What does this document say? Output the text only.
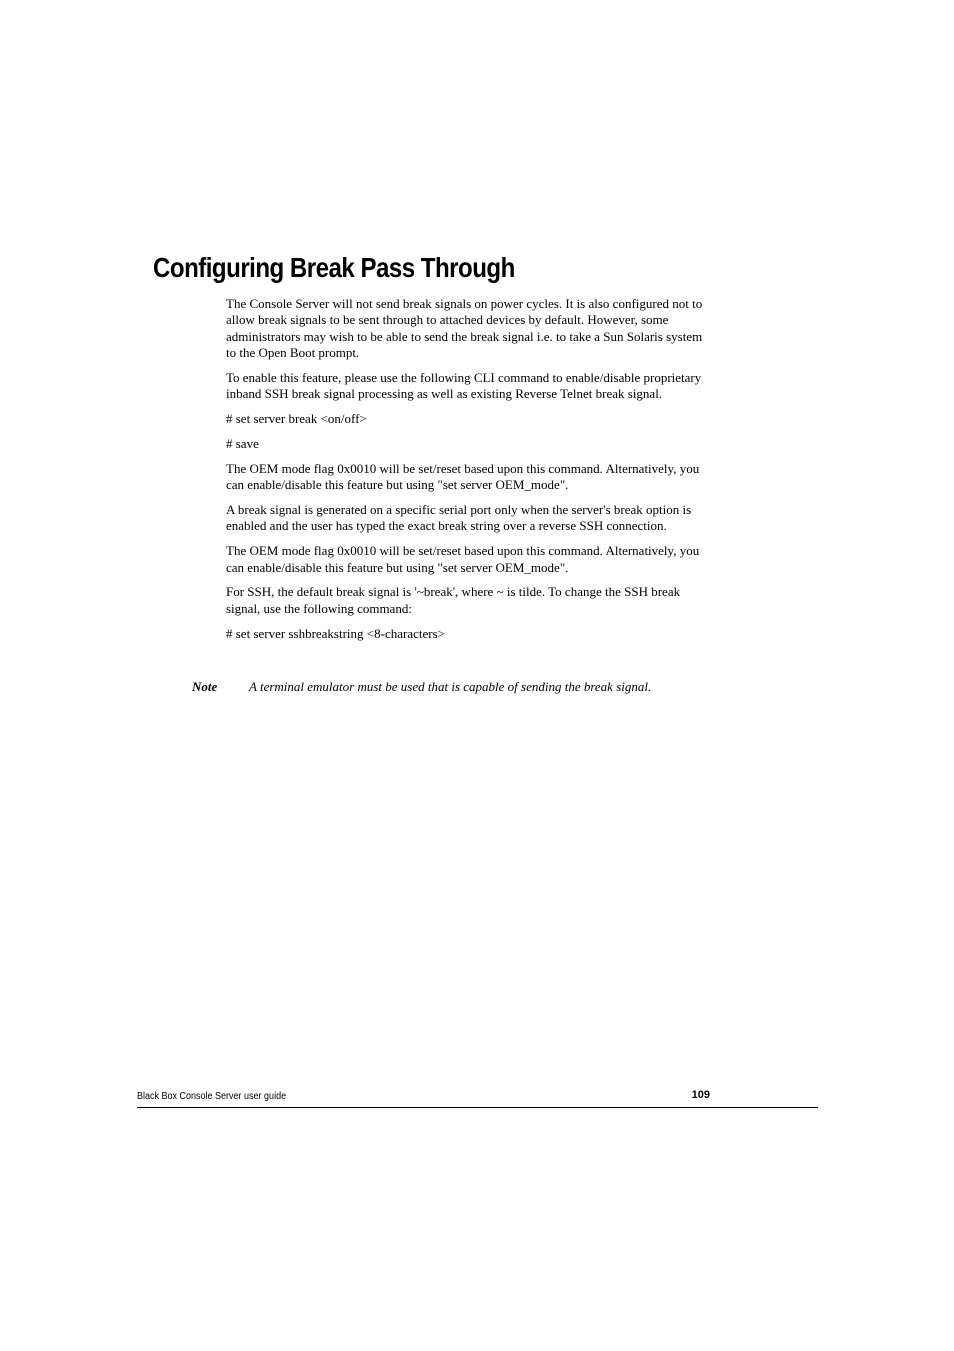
Configuring Break Pass Through

The Console Server will not send break signals on power cycles. It is also configured not to allow break signals to be sent through to attached devices by default. However, some administrators may wish to be able to send the break signal i.e. to take a Sun Solaris system to the Open Boot prompt.

To enable this feature, please use the following CLI command to enable/disable proprietary inband SSH break signal processing as well as existing Reverse Telnet break signal.

# set server break <on/off>

# save

The OEM mode flag 0x0010 will be set/reset based upon this command. Alternatively, you can enable/disable this feature but using "set server OEM_mode".

A break signal is generated on a specific serial port only when the server's break option is enabled and the user has typed the exact break string over a reverse SSH connection.

The OEM mode flag 0x0010 will be set/reset based upon this command. Alternatively, you can enable/disable this feature but using "set server OEM_mode".

For SSH, the default break signal is '~break', where ~ is tilde. To change the SSH break signal, use the following command:

# set server sshbreakstring <8-characters>

Note A terminal emulator must be used that is capable of sending the break signal.
Black Box Console Server user guide	109
